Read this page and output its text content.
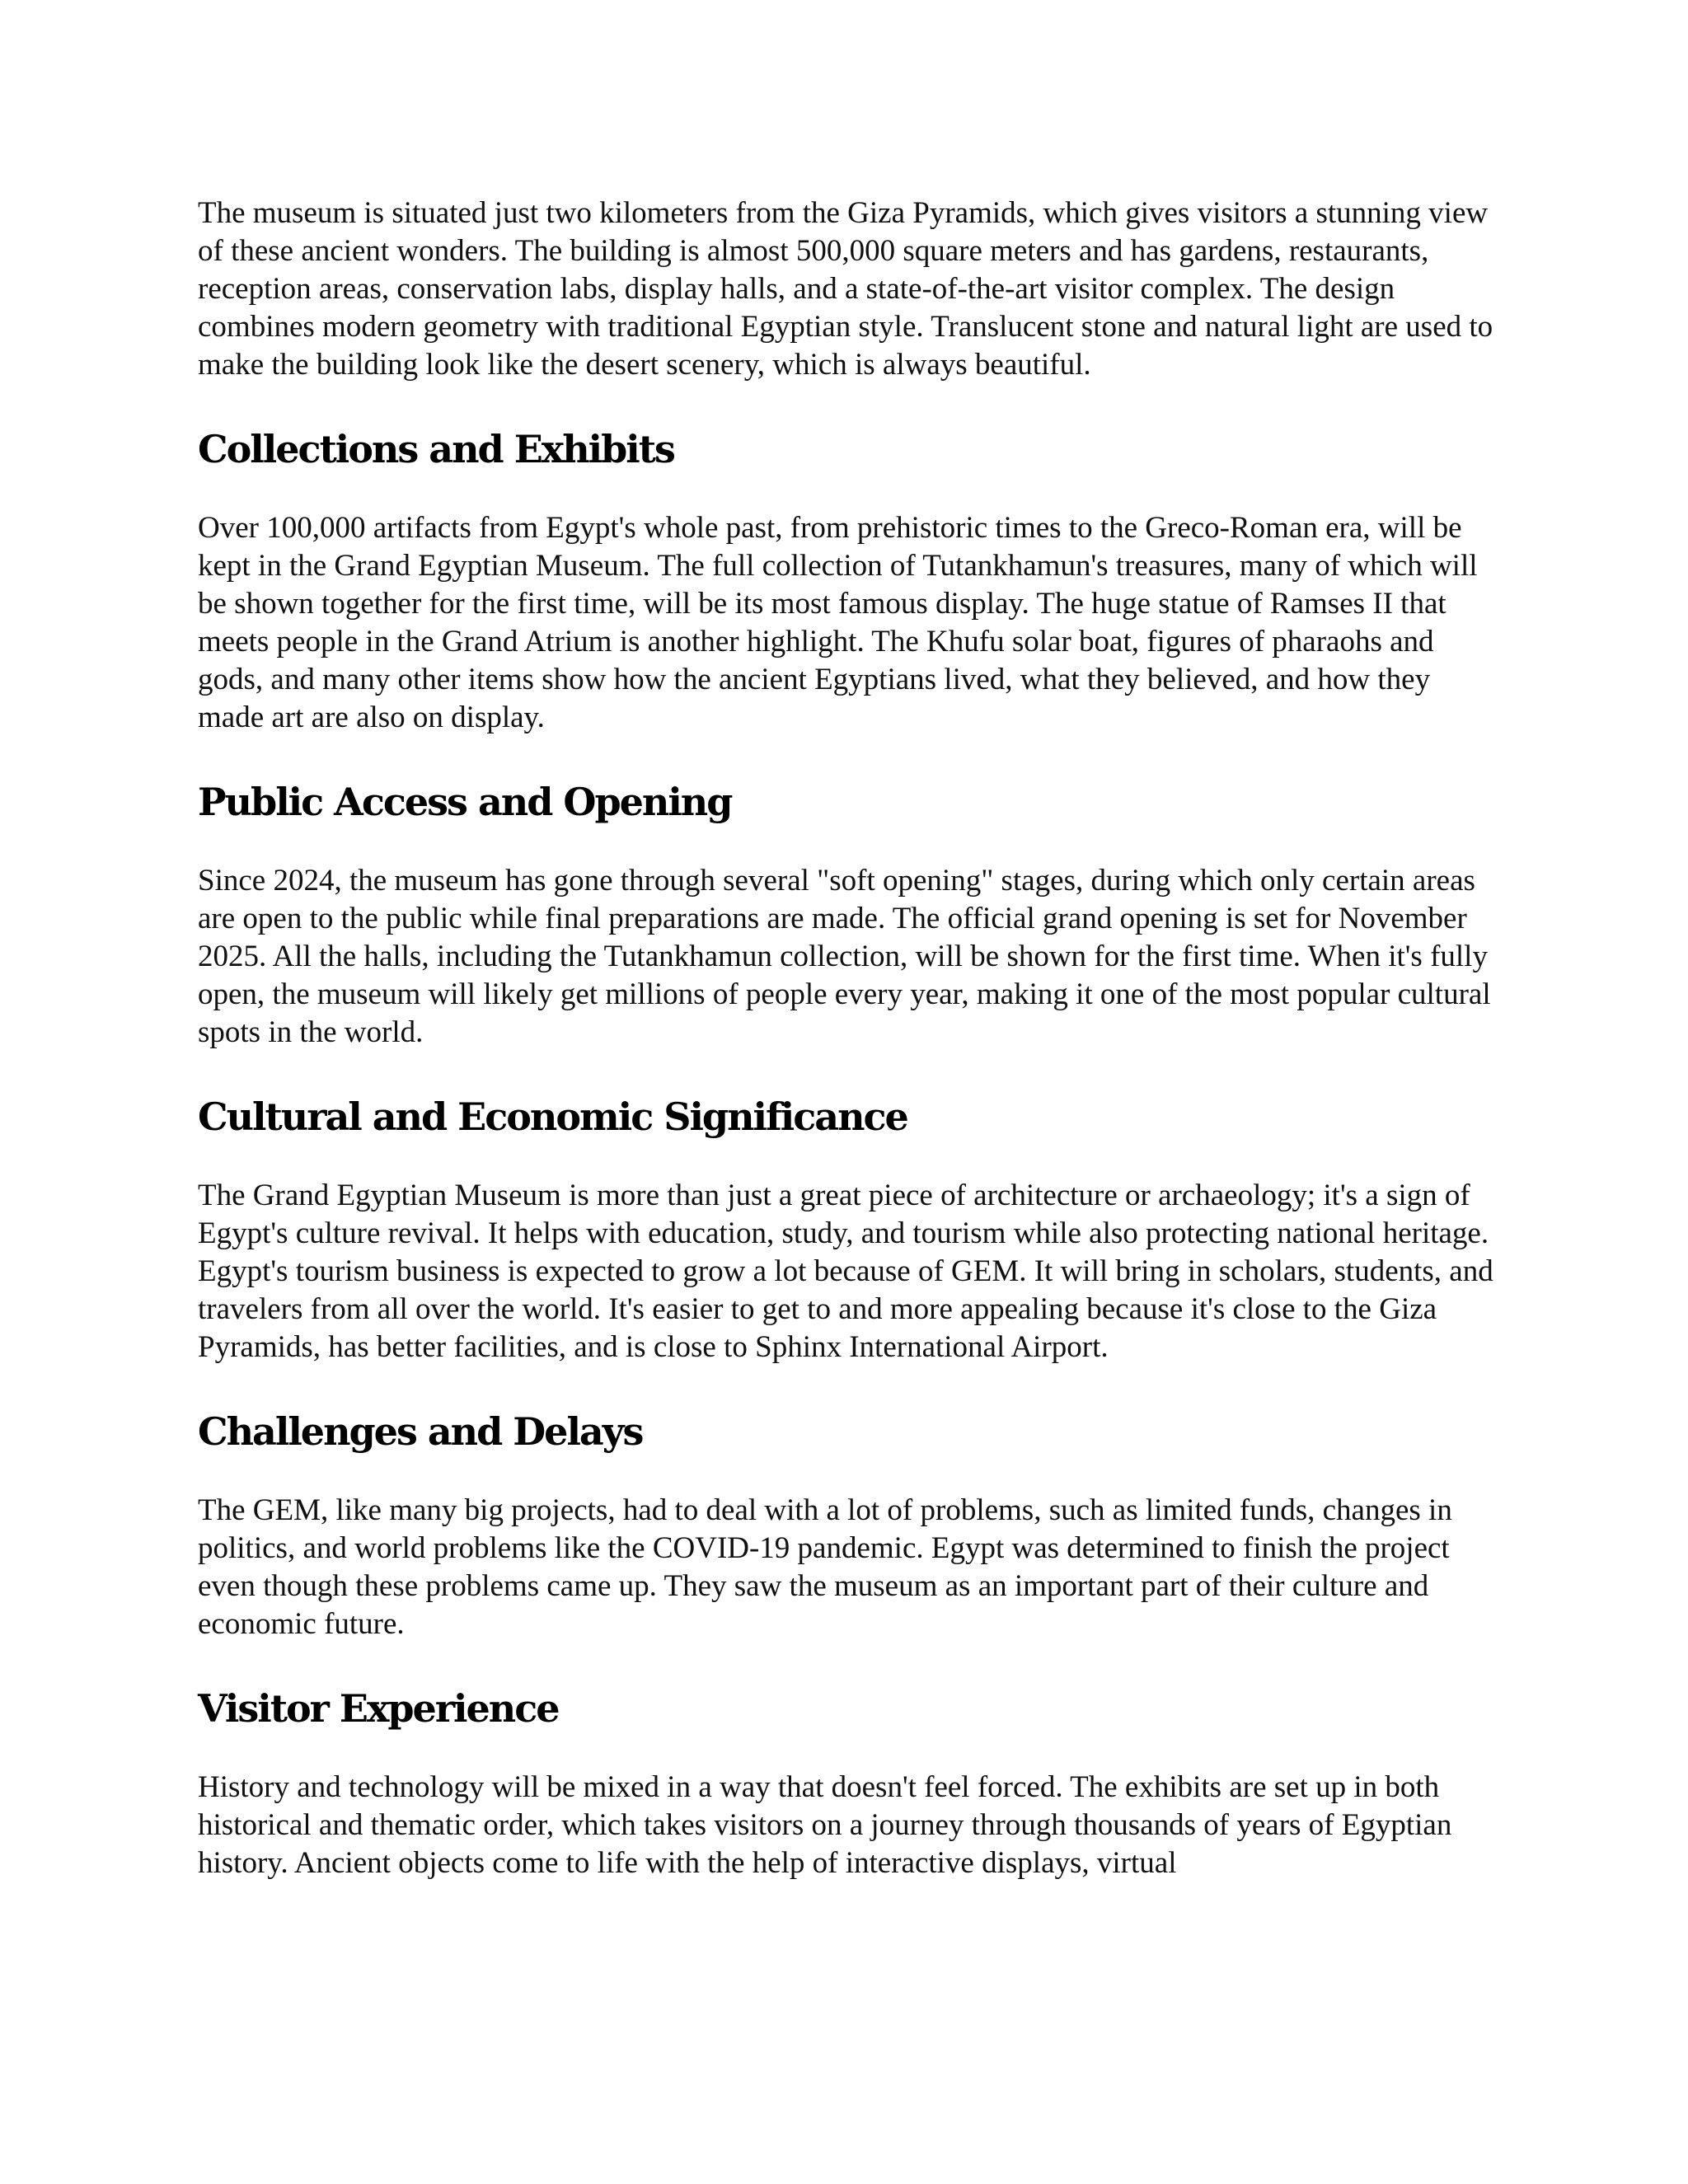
The museum is situated just two kilometers from the Giza Pyramids, which gives visitors a stunning view of these ancient wonders. The building is almost 500,000 square meters and has gardens, restaurants, reception areas, conservation labs, display halls, and a state-of-the-art visitor complex. The design combines modern geometry with traditional Egyptian style. Translucent stone and natural light are used to make the building look like the desert scenery, which is always beautiful.

Collections and Exhibits

Over 100,000 artifacts from Egypt's whole past, from prehistoric times to the Greco-Roman era, will be kept in the Grand Egyptian Museum. The full collection of Tutankhamun's treasures, many of which will be shown together for the first time, will be its most famous display. The huge statue of Ramses II that meets people in the Grand Atrium is another highlight. The Khufu solar boat, figures of pharaohs and gods, and many other items show how the ancient Egyptians lived, what they believed, and how they made art are also on display.

Public Access and Opening

Since 2024, the museum has gone through several "soft opening" stages, during which only certain areas are open to the public while final preparations are made. The official grand opening is set for November 2025. All the halls, including the Tutankhamun collection, will be shown for the first time. When it's fully open, the museum will likely get millions of people every year, making it one of the most popular cultural spots in the world.

Cultural and Economic Significance

The Grand Egyptian Museum is more than just a great piece of architecture or archaeology; it's a sign of Egypt's culture revival. It helps with education, study, and tourism while also protecting national heritage. Egypt's tourism business is expected to grow a lot because of GEM. It will bring in scholars, students, and travelers from all over the world. It's easier to get to and more appealing because it's close to the Giza Pyramids, has better facilities, and is close to Sphinx International Airport.

Challenges and Delays

The GEM, like many big projects, had to deal with a lot of problems, such as limited funds, changes in politics, and world problems like the COVID-19 pandemic. Egypt was determined to finish the project even though these problems came up. They saw the museum as an important part of their culture and economic future.

Visitor Experience

History and technology will be mixed in a way that doesn't feel forced. The exhibits are set up in both historical and thematic order, which takes visitors on a journey through thousands of years of Egyptian history. Ancient objects come to life with the help of interactive displays, virtual
